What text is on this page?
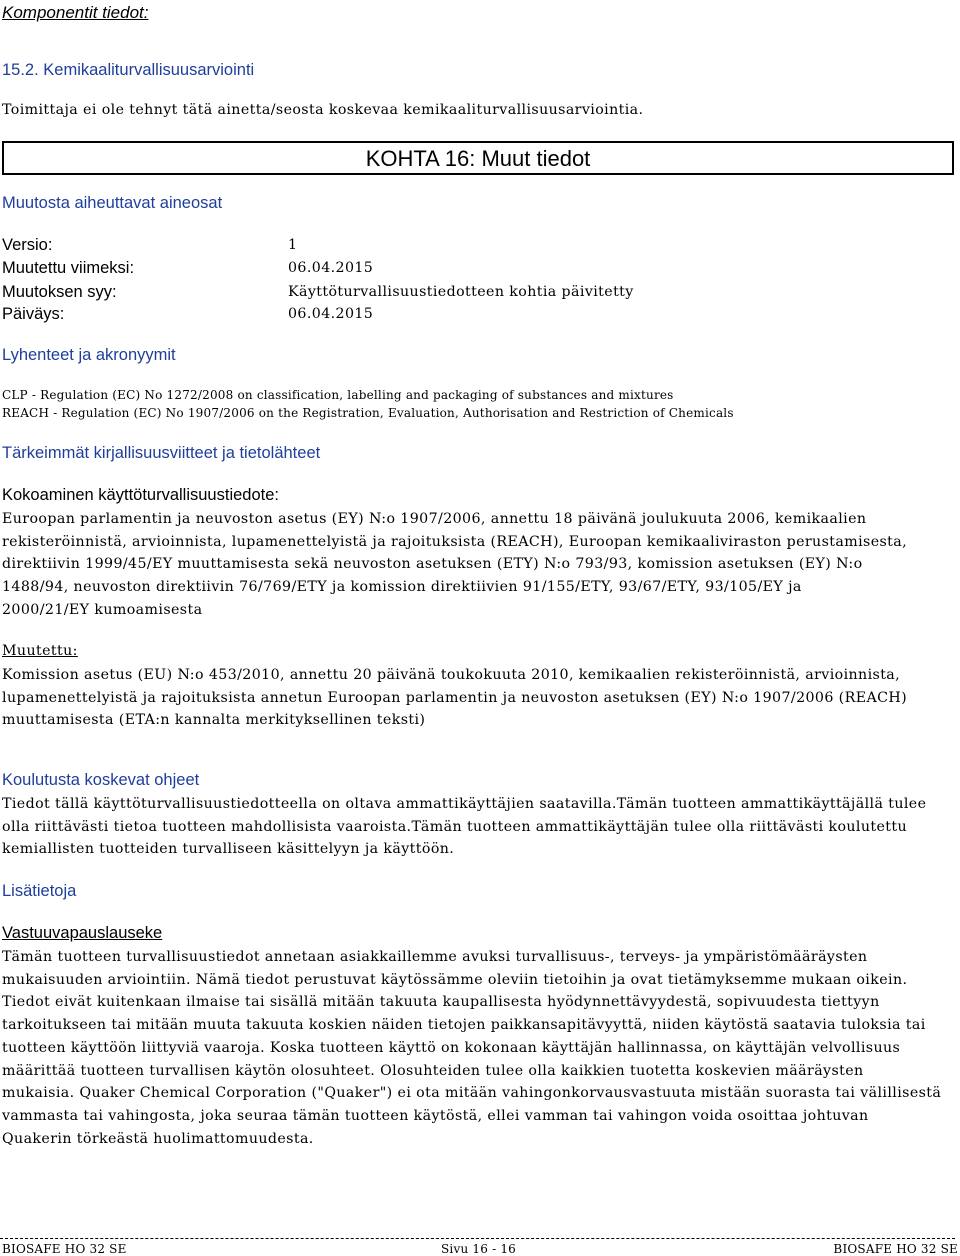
Komponentit tiedot:
15.2. Kemikaaliturvallisuusarviointi
Toimittaja ei ole tehnyt tätä ainetta/seosta koskevaa kemikaaliturvallisuusarviointia.
KOHTA 16: Muut tiedot
Muutosta aiheuttavat aineosat
Versio:	1
Muutettu viimeksi:	06.04.2015
Muutoksen syy:	Käyttöturvallisuustiedotteen kohtia päivitetty
Päiväys:	06.04.2015
Lyhenteet ja akronyymit
CLP - Regulation (EC) No 1272/2008 on classification, labelling and packaging of substances and mixtures
REACH - Regulation (EC) No 1907/2006 on the Registration, Evaluation, Authorisation and Restriction of Chemicals
Tärkeimmät kirjallisuusviitteet ja tietolähteet
Kokoaminen käyttöturvallisuustiedote:
Euroopan parlamentin ja neuvoston asetus (EY) N:o 1907/2006, annettu 18 päivänä joulukuuta 2006, kemikaalien
rekisteröinnistä, arvioinnista, lupamenettelyistä ja rajoituksista (REACH), Euroopan kemikaaliviraston perustamisesta,
direktiivin 1999/45/EY muuttamisesta sekä neuvoston asetuksen (ETY) N:o 793/93, komission asetuksen (EY) N:o
1488/94, neuvoston direktiivin 76/769/ETY ja komission direktiivien 91/155/ETY, 93/67/ETY, 93/105/EY ja
2000/21/EY kumoamisesta
Muutettu:
Komission asetus (EU) N:o 453/2010, annettu 20 päivänä toukokuuta 2010, kemikaalien rekisteröinnistä, arvioinnista,
lupamenettelyistä ja rajoituksista annetun Euroopan parlamentin ja neuvoston asetuksen (EY) N:o 1907/2006 (REACH)
muuttamisesta (ETA:n kannalta merkityksellinen teksti)
Koulutusta koskevat ohjeet
Tiedot tällä käyttöturvallisuustiedotteella on oltava ammattikäyttäjien saatavilla.Tämän tuotteen ammattikäyttäjällä tulee
olla riittävästi tietoa tuotteen mahdollisista vaaroista.Tämän tuotteen ammattikäyttäjän tulee olla riittävästi koulutettu
kemiallisten tuotteiden turvalliseen käsittelyyn ja käyttöön.
Lisätietoja
Vastuuvapauslauseke
Tämän tuotteen turvallisuustiedot annetaan asiakkaillemme avuksi turvallisuus-, terveys- ja ympäristömääräysten
mukaisuuden arviointiin. Nämä tiedot perustuvat käytössämme oleviin tietoihin ja ovat tietämyksemme mukaan oikein.
Tiedot eivät kuitenkaan ilmaise tai sisällä mitään takuuta kaupallisesta hyödynnettävyydestä, sopivuudesta tiettyyn
tarkoitukseen tai mitään muuta takuuta koskien näiden tietojen paikkansapitävyyttä, niiden käytöstä saatavia tuloksia tai
tuotteen käyttöön liittyviä vaaroja. Koska tuotteen käyttö on kokonaan käyttäjän hallinnassa, on käyttäjän velvollisuus
määrittää tuotteen turvallisen käytön olosuhteet. Olosuhteiden tulee olla kaikkien tuotetta koskevien määräysten
mukaisia. Quaker Chemical Corporation ("Quaker") ei ota mitään vahingonkorvausvastuuta mistään suorasta tai välillisestä
vammasta tai vahingosta, joka seuraa tämän tuotteen käytöstä, ellei vamman tai vahingon voida osoittaa johtuvan
Quakerin törkeästä huolimattomuudesta.
BIOSAFE HO 32 SE	Sivu 16 - 16	BIOSAFE HO 32 SE
